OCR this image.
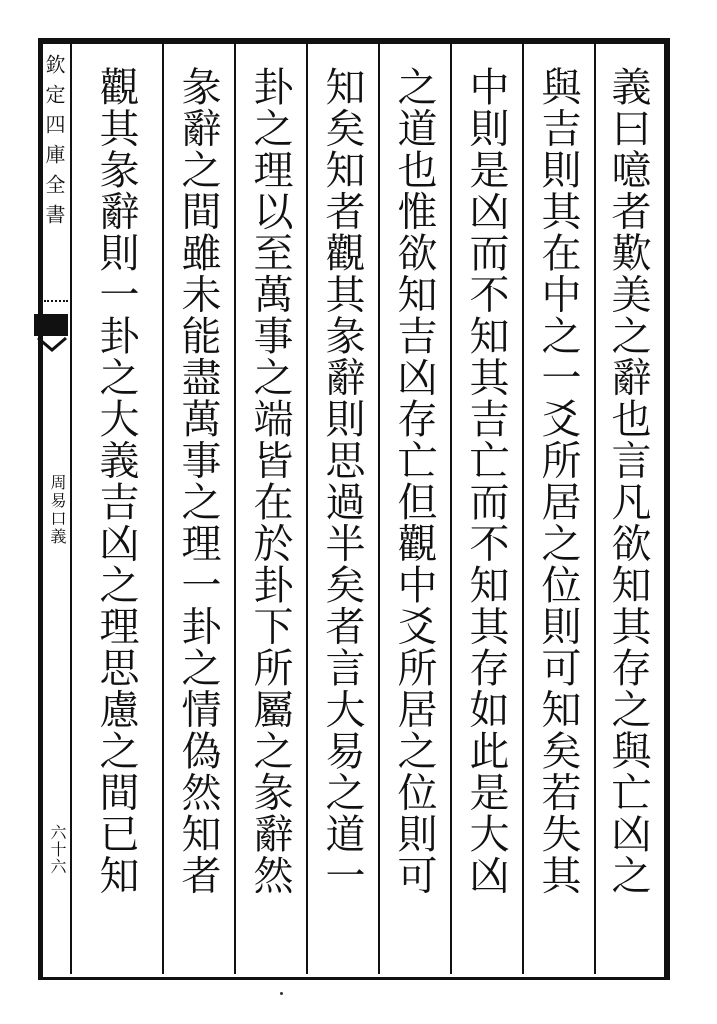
欽定四庫全書
周易口義
六十六	義曰噫者歎美之辭也言凡欲知其存之與亡凶之
與吉則其在中之一爻所居之位則可知矣若失其
中則是凶而不知其吉亡而不知其存如此是大凶
之道也惟欲知吉凶存亡但觀中爻所居之位則可
知矣知者觀其彖辭則思過半矣者言大易之道一
卦之理以至萬事之端皆在於卦下所屬之彖辭然
彖辭之間雖未能盡萬事之理一卦之情偽然知者
觀其彖辭則一卦之大義吉凶之理思慮之間已知
